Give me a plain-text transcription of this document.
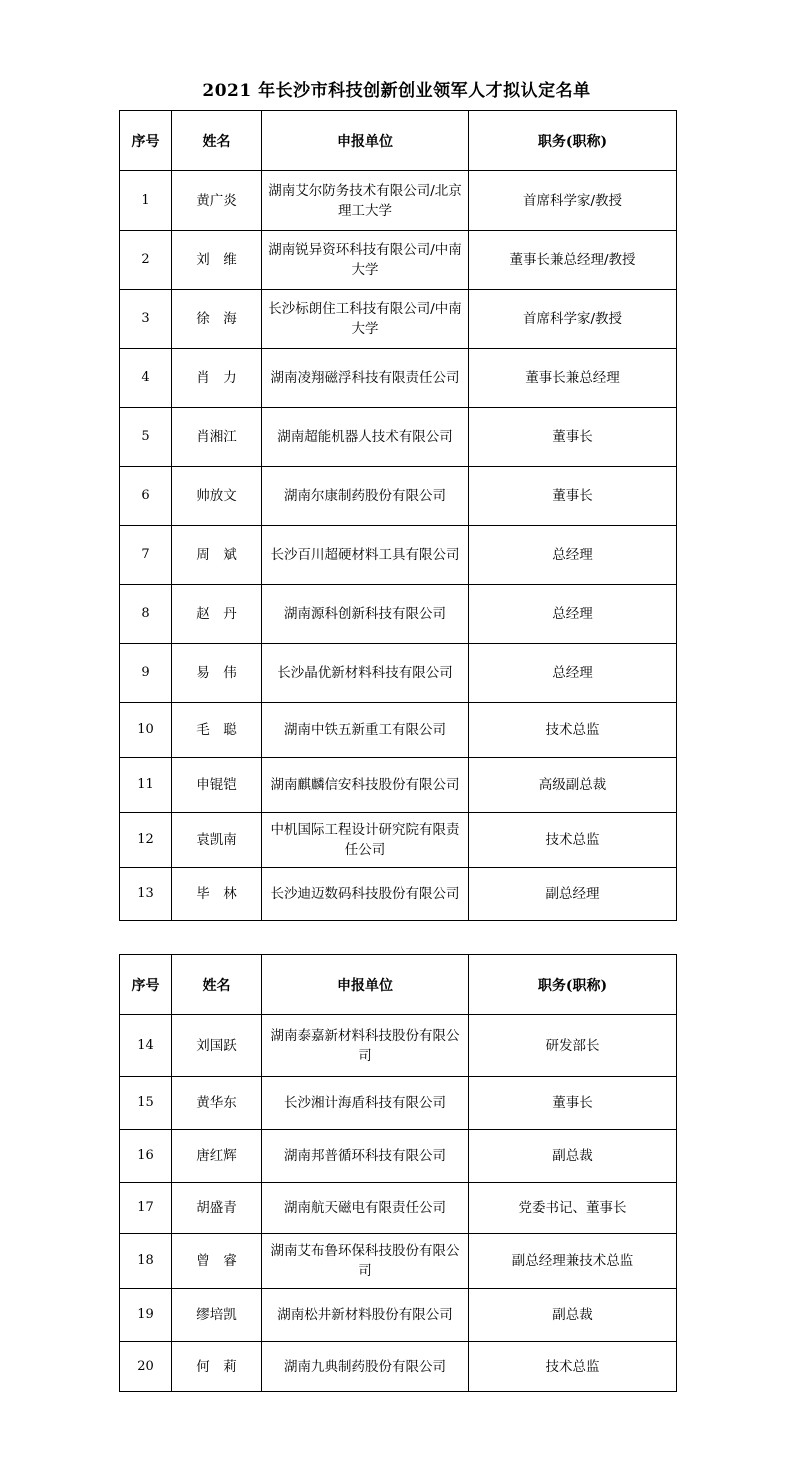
2021 年长沙市科技创新创业领军人才拟认定名单
序号	姓名	申报单位	职务(职称)
1	黄广炎	湖南艾尔防务技术有限公司/北京理工大学	首席科学家/教授
2	刘　维	湖南锐异资环科技有限公司/中南大学	董事长兼总经理/教授
3	徐　海	长沙标朗住工科技有限公司/中南大学	首席科学家/教授
4	肖　力	湖南凌翔磁浮科技有限责任公司	董事长兼总经理
5	肖湘江	湖南超能机器人技术有限公司	董事长
6	帅放文	湖南尔康制药股份有限公司	董事长
7	周　斌	长沙百川超硬材料工具有限公司	总经理
8	赵　丹	湖南源科创新科技有限公司	总经理
9	易　伟	长沙晶优新材料科技有限公司	总经理
10	毛　聪	湖南中铁五新重工有限公司	技术总监
11	申锟铠	湖南麒麟信安科技股份有限公司	高级副总裁
12	袁凯南	中机国际工程设计研究院有限责任公司	技术总监
13	毕　林	长沙迪迈数码科技股份有限公司	副总经理
序号	姓名	申报单位	职务(职称)
14	刘国跃	湖南泰嘉新材料科技股份有限公司	研发部长
15	黄华东	长沙湘计海盾科技有限公司	董事长
16	唐红辉	湖南邦普循环科技有限公司	副总裁
17	胡盛青	湖南航天磁电有限责任公司	党委书记、董事长
18	曾　睿	湖南艾布鲁环保科技股份有限公司	副总经理兼技术总监
19	缪培凯	湖南松井新材料股份有限公司	副总裁
20	何　莉	湖南九典制药股份有限公司	技术总监
